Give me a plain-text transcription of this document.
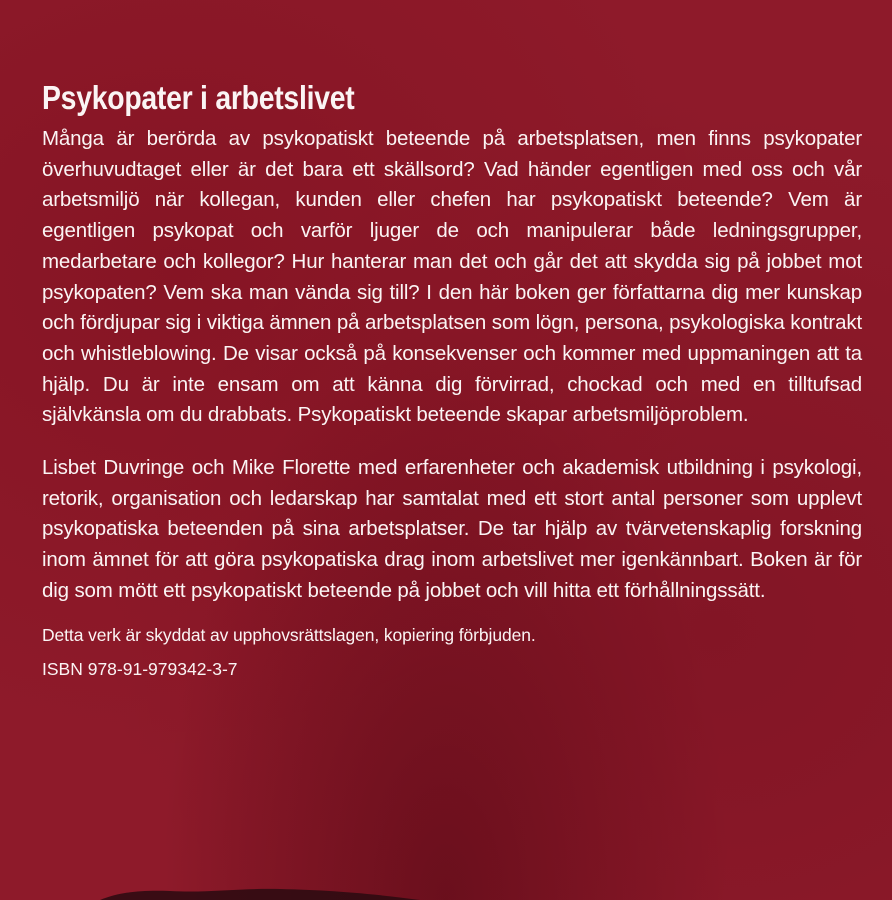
Psykopater i arbetslivet

Många är berörda av psykopatiskt beteende på arbetsplatsen, men finns psykopater överhuvudtaget eller är det bara ett skällsord? Vad händer egentligen med oss och vår arbetsmiljö när kollegan, kunden eller chefen har psykopatiskt beteende? Vem är egentligen psykopat och varför ljuger de och manipulerar både ledningsgrupper, medarbetare och kollegor? Hur hanterar man det och går det att skydda sig på jobbet mot psykopaten? Vem ska man vända sig till? I den här boken ger författarna dig mer kunskap och fördjupar sig i viktiga ämnen på arbetsplatsen som lögn, persona, psykologiska kontrakt och whistleblowing. De visar också på konsekvenser och kommer med uppmaningen att ta hjälp. Du är inte ensam om att känna dig förvirrad, chockad och med en tilltufsad självkänsla om du drabbats. Psykopatiskt beteende skapar arbetsmiljöproblem.

Lisbet Duvringe och Mike Florette med erfarenheter och akademisk utbildning i psykologi, retorik, organisation och ledarskap har samtalat med ett stort antal personer som upplevt psykopatiska beteenden på sina arbetsplatser. De tar hjälp av tvärvetenskaplig forskning inom ämnet för att göra psykopatiska drag inom arbetslivet mer igenkännbart. Boken är för dig som mött ett psykopatiskt beteende på jobbet och vill hitta ett förhållningssätt.

Detta verk är skyddat av upphovsrättslagen, kopiering förbjuden.

ISBN 978-91-979342-3-7
